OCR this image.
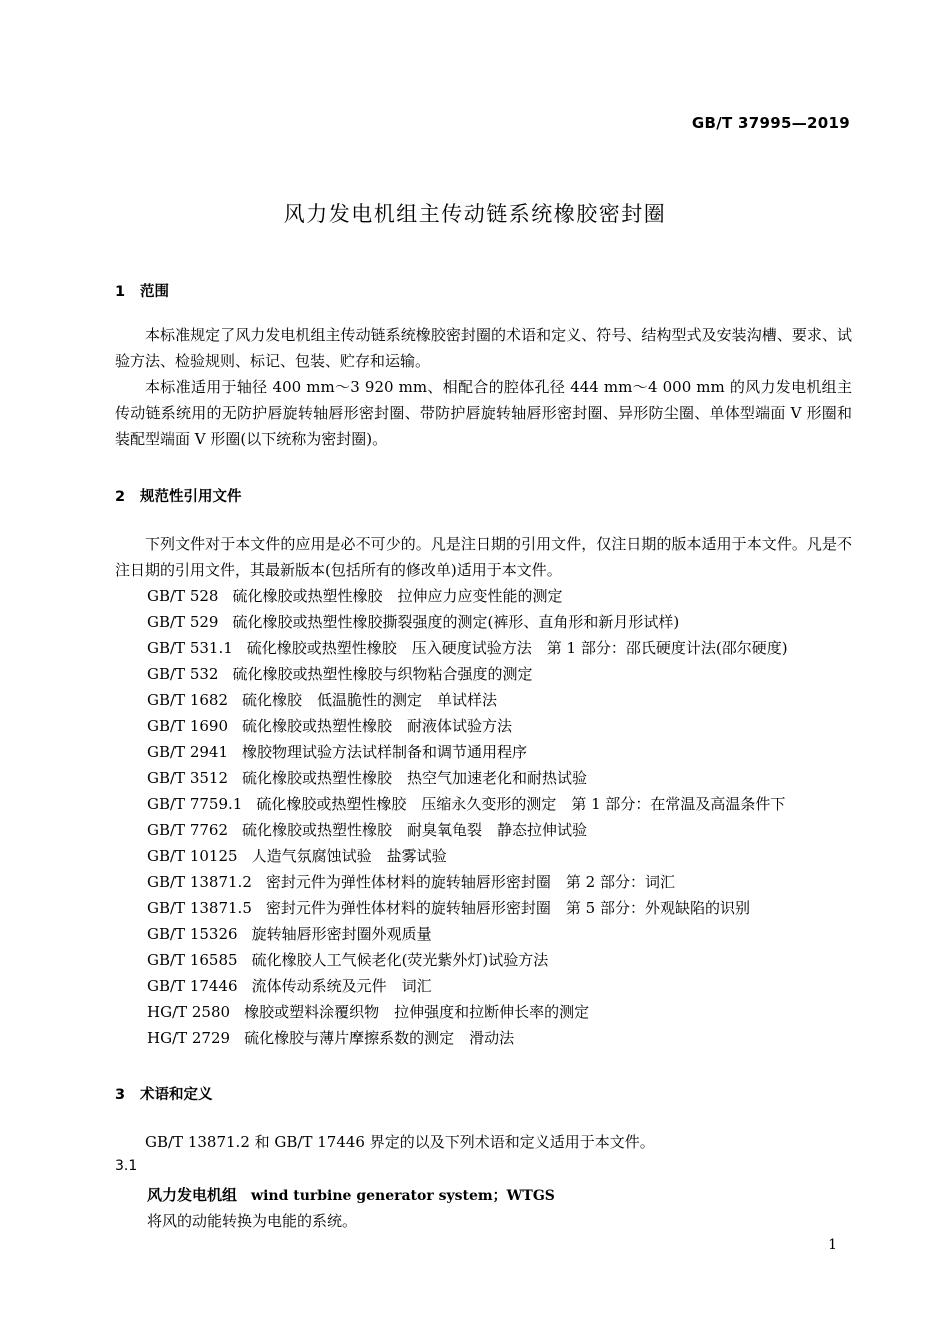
GB/T 37995—2019
风力发电机组主传动链系统橡胶密封圈
1 范围

本标准规定了风力发电机组主传动链系统橡胶密封圈的术语和定义、符号、结构型式及安装沟槽、要求、试验方法、检验规则、标记、包装、贮存和运输。

本标准适用于轴径 400 mm～3 920 mm、相配合的腔体孔径 444 mm～4 000 mm 的风力发电机组主传动链系统用的无防护唇旋转轴唇形密封圈、带防护唇旋转轴唇形密封圈、异形防尘圈、单体型端面 V 形圈和装配型端面 V 形圈(以下统称为密封圈)。

2 规范性引用文件

下列文件对于本文件的应用是必不可少的。凡是注日期的引用文件，仅注日期的版本适用于本文件。凡是不注日期的引用文件，其最新版本(包括所有的修改单)适用于本文件。

GB/T 528 硫化橡胶或热塑性橡胶　拉伸应力应变性能的测定
GB/T 529 硫化橡胶或热塑性橡胶撕裂强度的测定(裤形、直角形和新月形试样)
GB/T 531.1 硫化橡胶或热塑性橡胶　压入硬度试验方法　第 1 部分：邵氏硬度计法(邵尔硬度)
GB/T 532 硫化橡胶或热塑性橡胶与织物粘合强度的测定
GB/T 1682 硫化橡胶　低温脆性的测定　单试样法
GB/T 1690 硫化橡胶或热塑性橡胶　耐液体试验方法
GB/T 2941 橡胶物理试验方法试样制备和调节通用程序
GB/T 3512 硫化橡胶或热塑性橡胶　热空气加速老化和耐热试验
GB/T 7759.1 硫化橡胶或热塑性橡胶　压缩永久变形的测定　第 1 部分：在常温及高温条件下
GB/T 7762 硫化橡胶或热塑性橡胶　耐臭氧龟裂　静态拉伸试验
GB/T 10125 人造气氛腐蚀试验　盐雾试验
GB/T 13871.2 密封元件为弹性体材料的旋转轴唇形密封圈　第 2 部分：词汇
GB/T 13871.5 密封元件为弹性体材料的旋转轴唇形密封圈　第 5 部分：外观缺陷的识别
GB/T 15326 旋转轴唇形密封圈外观质量
GB/T 16585 硫化橡胶人工气候老化(荧光紫外灯)试验方法
GB/T 17446 流体传动系统及元件　词汇
HG/T 2580 橡胶或塑料涂覆织物　拉伸强度和拉断伸长率的测定
HG/T 2729 硫化橡胶与薄片摩擦系数的测定　滑动法
3 术语和定义

GB/T 13871.2 和 GB/T 17446 界定的以及下列术语和定义适用于本文件。

3.1
风力发电机组 wind turbine generator system；WTGS
将风的动能转换为电能的系统。
1
